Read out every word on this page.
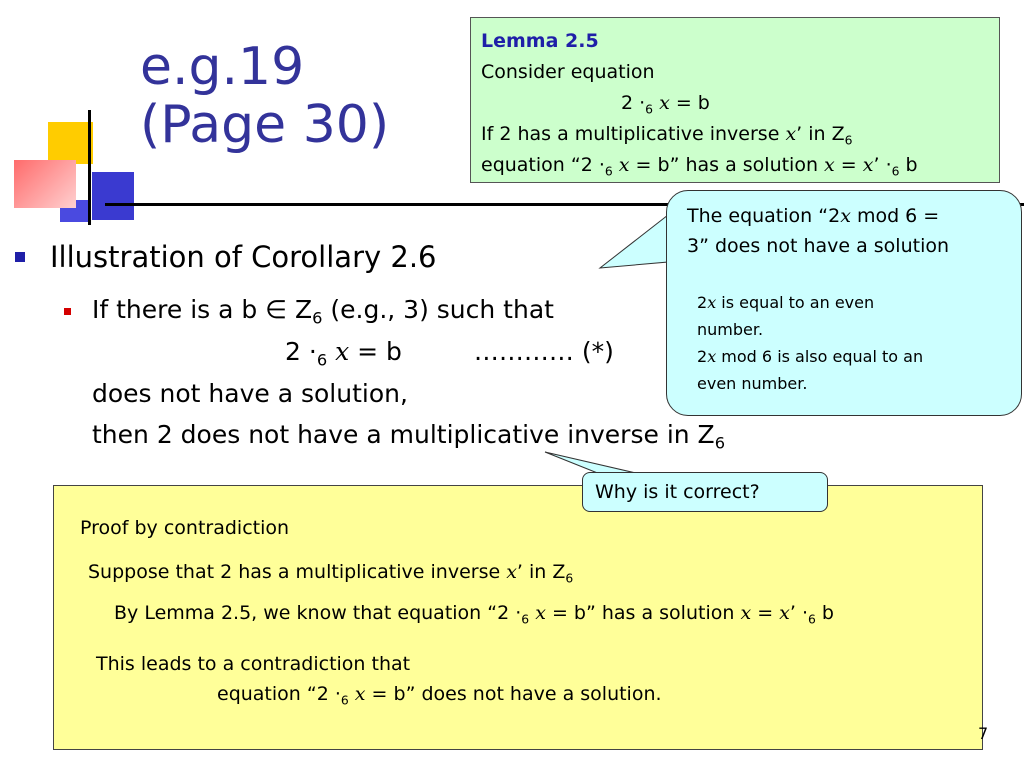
e.g.19
(Page 30)
Lemma 2.5
Consider equation
$2 \cdot_6$ x = b
If 2 has a multiplicative inverse x’ in $Z_6$
equation “$2 \cdot_6$ x = b” has a solution x = x’ $\cdot_6$ b
Illustration of Corollary 2.6
If there is a b ∈ $Z_6$ (e.g., 3) such that
$2 \cdot_6$ x = b	………… (*)
does not have a solution,
then 2 does not have a multiplicative inverse in $Z_6$
The equation “2x mod 6 =
3” does not have a solution
2x is equal to an even
number.
2x mod 6 is also equal to an
even number.
Proof by contradiction
Suppose that 2 has a multiplicative inverse x’ in $Z_6$
By Lemma 2.5, we know that equation “$2 \cdot_6$ x = b” has a solution x = x’ $\cdot_6$ b
This leads to a contradiction that
equation “$2 \cdot_6$ x = b” does not have a solution.
Why is it correct?
7
